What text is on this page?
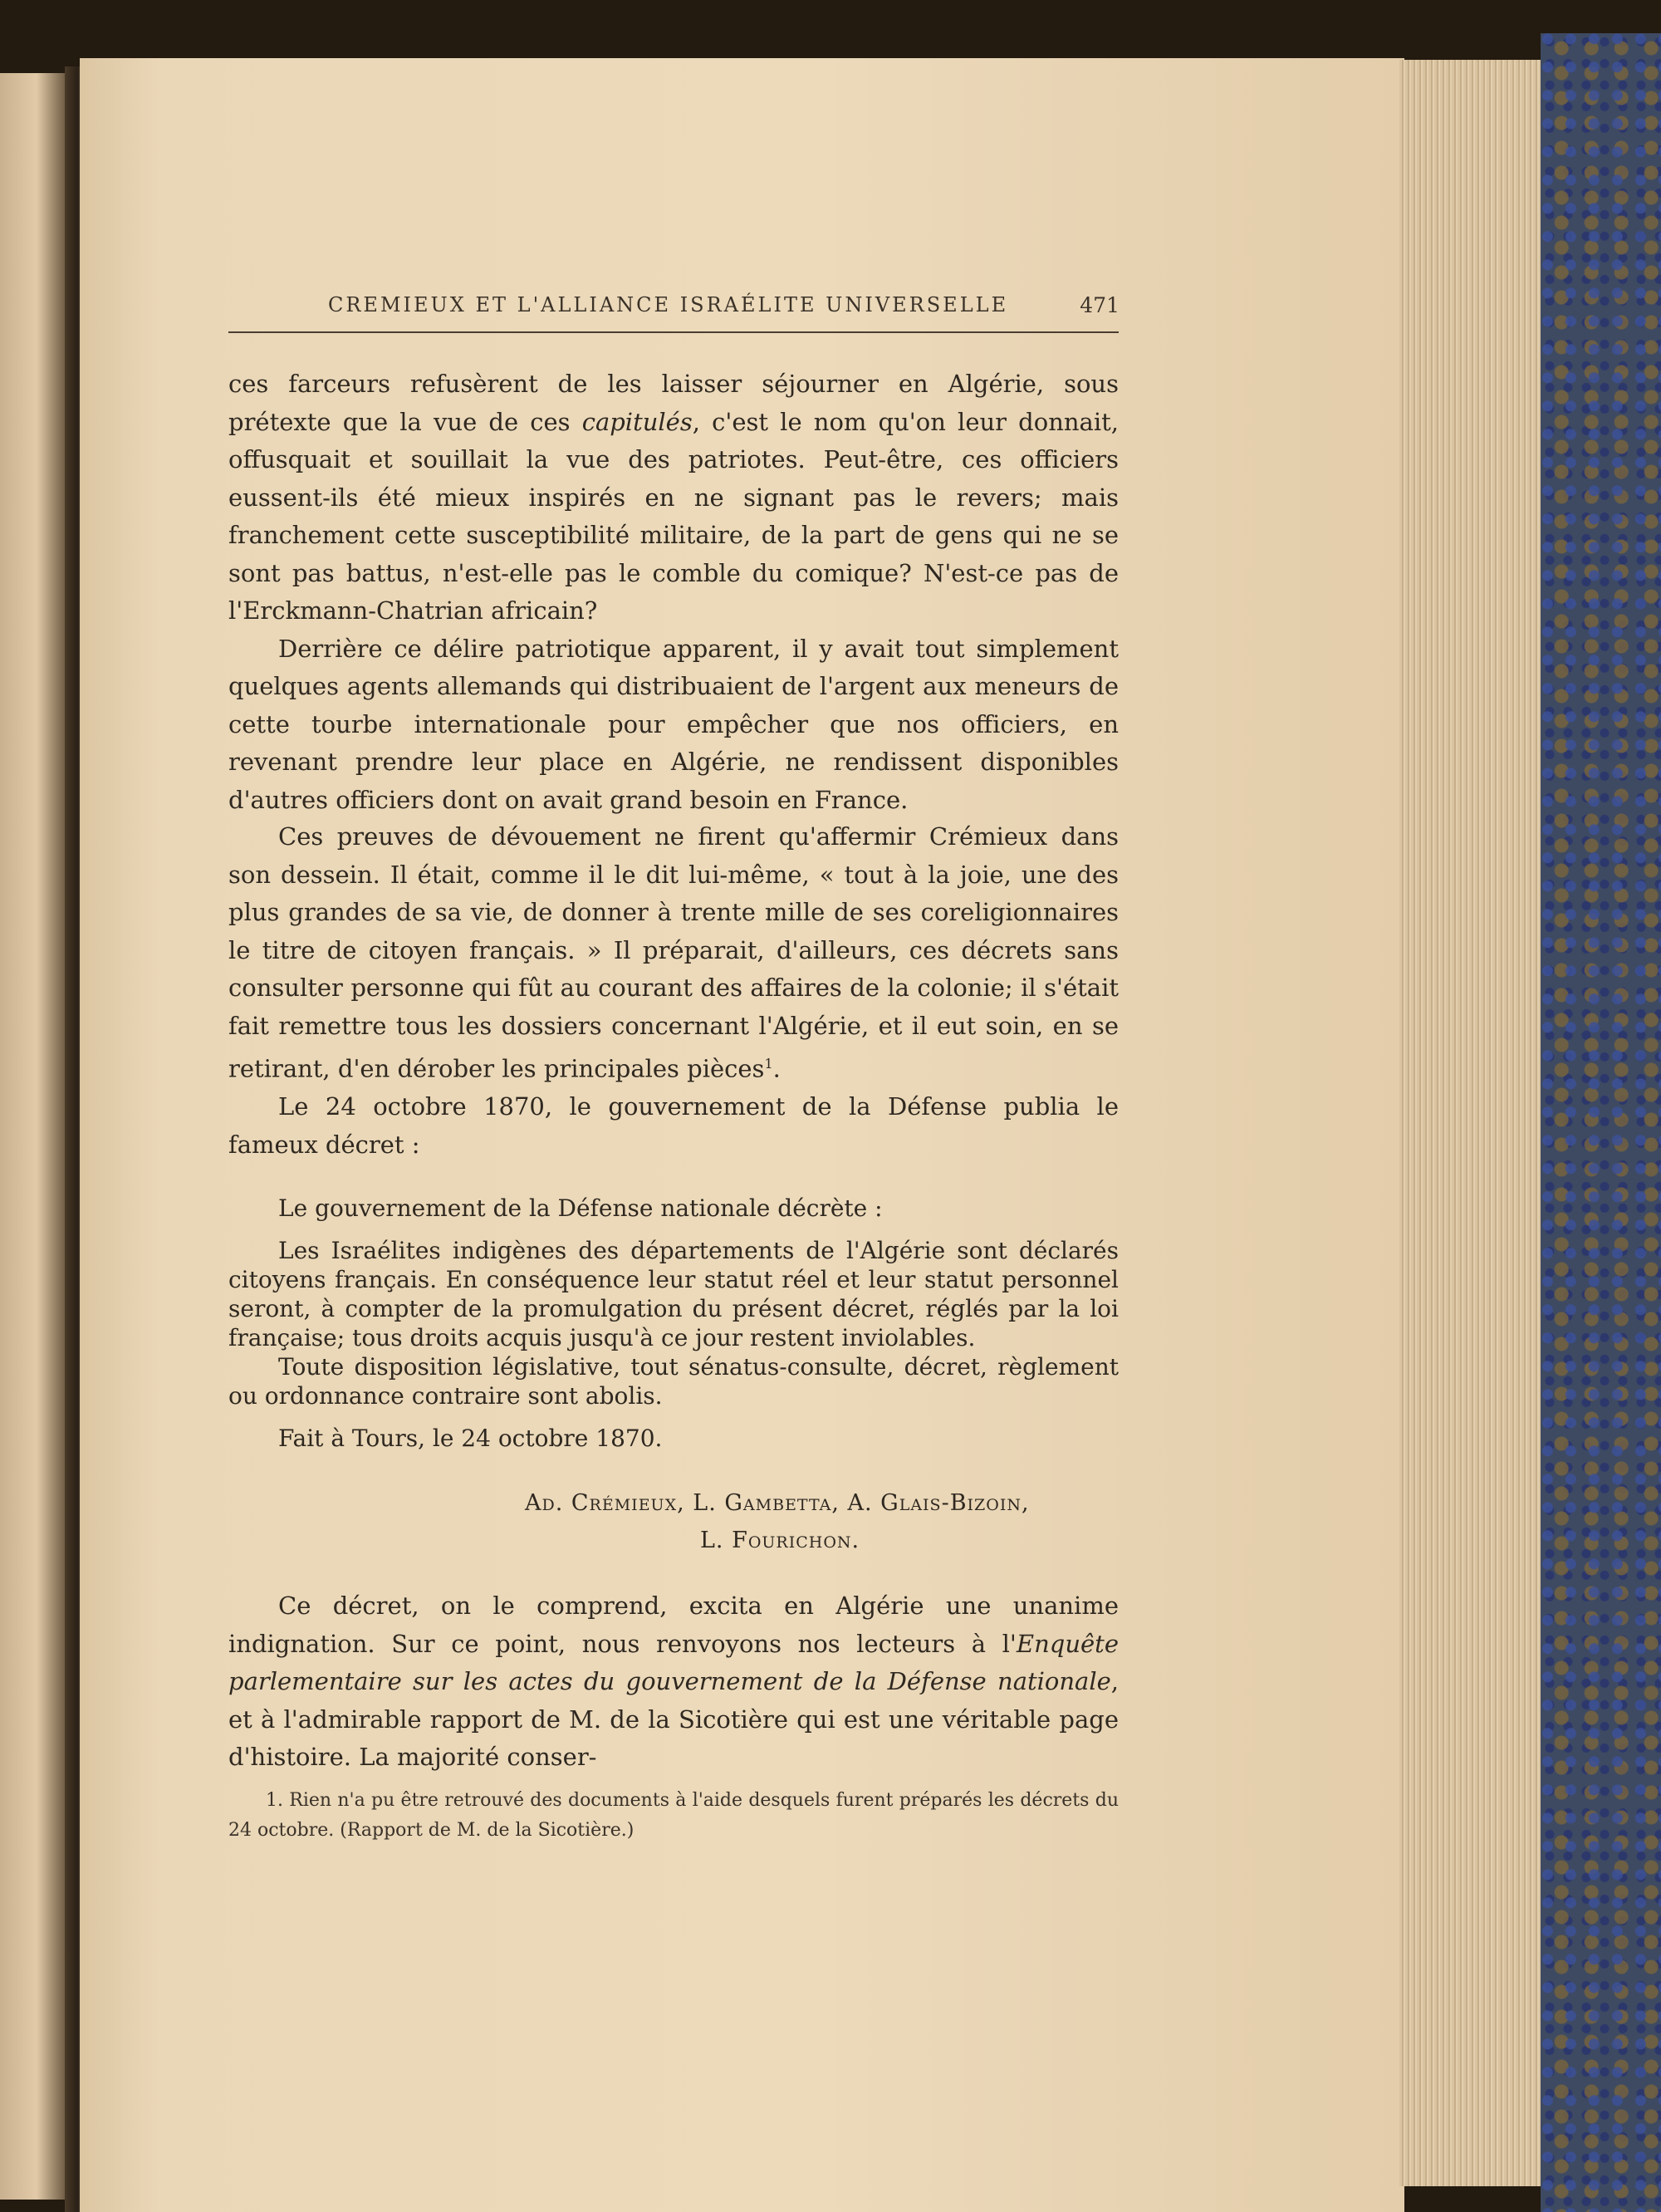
CREMIEUX ET L'ALLIANCE ISRAÉLITE UNIVERSELLE	471

ces farceurs refusèrent de les laisser séjourner en Algérie, sous prétexte que la vue de ces capitulés, c'est le nom qu'on leur donnait, offusquait et souillait la vue des patriotes. Peut-être, ces officiers eussent-ils été mieux inspirés en ne signant pas le revers; mais franchement cette susceptibilité militaire, de la part de gens qui ne se sont pas battus, n'est-elle pas le comble du comique? N'est-ce pas de l'Erckmann-Chatrian africain?

Derrière ce délire patriotique apparent, il y avait tout simplement quelques agents allemands qui distribuaient de l'argent aux meneurs de cette tourbe internationale pour empêcher que nos officiers, en revenant prendre leur place en Algérie, ne rendissent disponibles d'autres officiers dont on avait grand besoin en France.

Ces preuves de dévouement ne firent qu'affermir Crémieux dans son dessein. Il était, comme il le dit lui-même, « tout à la joie, une des plus grandes de sa vie, de donner à trente mille de ses coreligionnaires le titre de citoyen français. » Il préparait, d'ailleurs, ces décrets sans consulter personne qui fût au courant des affaires de la colonie; il s'était fait remettre tous les dossiers concernant l'Algérie, et il eut soin, en se retirant, d'en dérober les principales pièces$^1$.

Le 24 octobre 1870, le gouvernement de la Défense publia le fameux décret :

Le gouvernement de la Défense nationale décrète :

Les Israélites indigènes des départements de l'Algérie sont déclarés citoyens français. En conséquence leur statut réel et leur statut personnel seront, à compter de la promulgation du présent décret, réglés par la loi française; tous droits acquis jusqu'à ce jour restent inviolables.

Toute disposition législative, tout sénatus-consulte, décret, règlement ou ordonnance contraire sont abolis.

Fait à Tours, le 24 octobre 1870.

Ad. Crémieux, L. Gambetta, A. Glais-Bizoin,
L. Fourichon.

Ce décret, on le comprend, excita en Algérie une unanime indignation. Sur ce point, nous renvoyons nos lecteurs à l'Enquête parlementaire sur les actes du gouvernement de la Défense nationale, et à l'admirable rapport de M. de la Sicotière qui est une véritable page d'histoire. La majorité conser-

1. Rien n'a pu être retrouvé des documents à l'aide desquels furent préparés les décrets du 24 octobre. (Rapport de M. de la Sicotière.)
